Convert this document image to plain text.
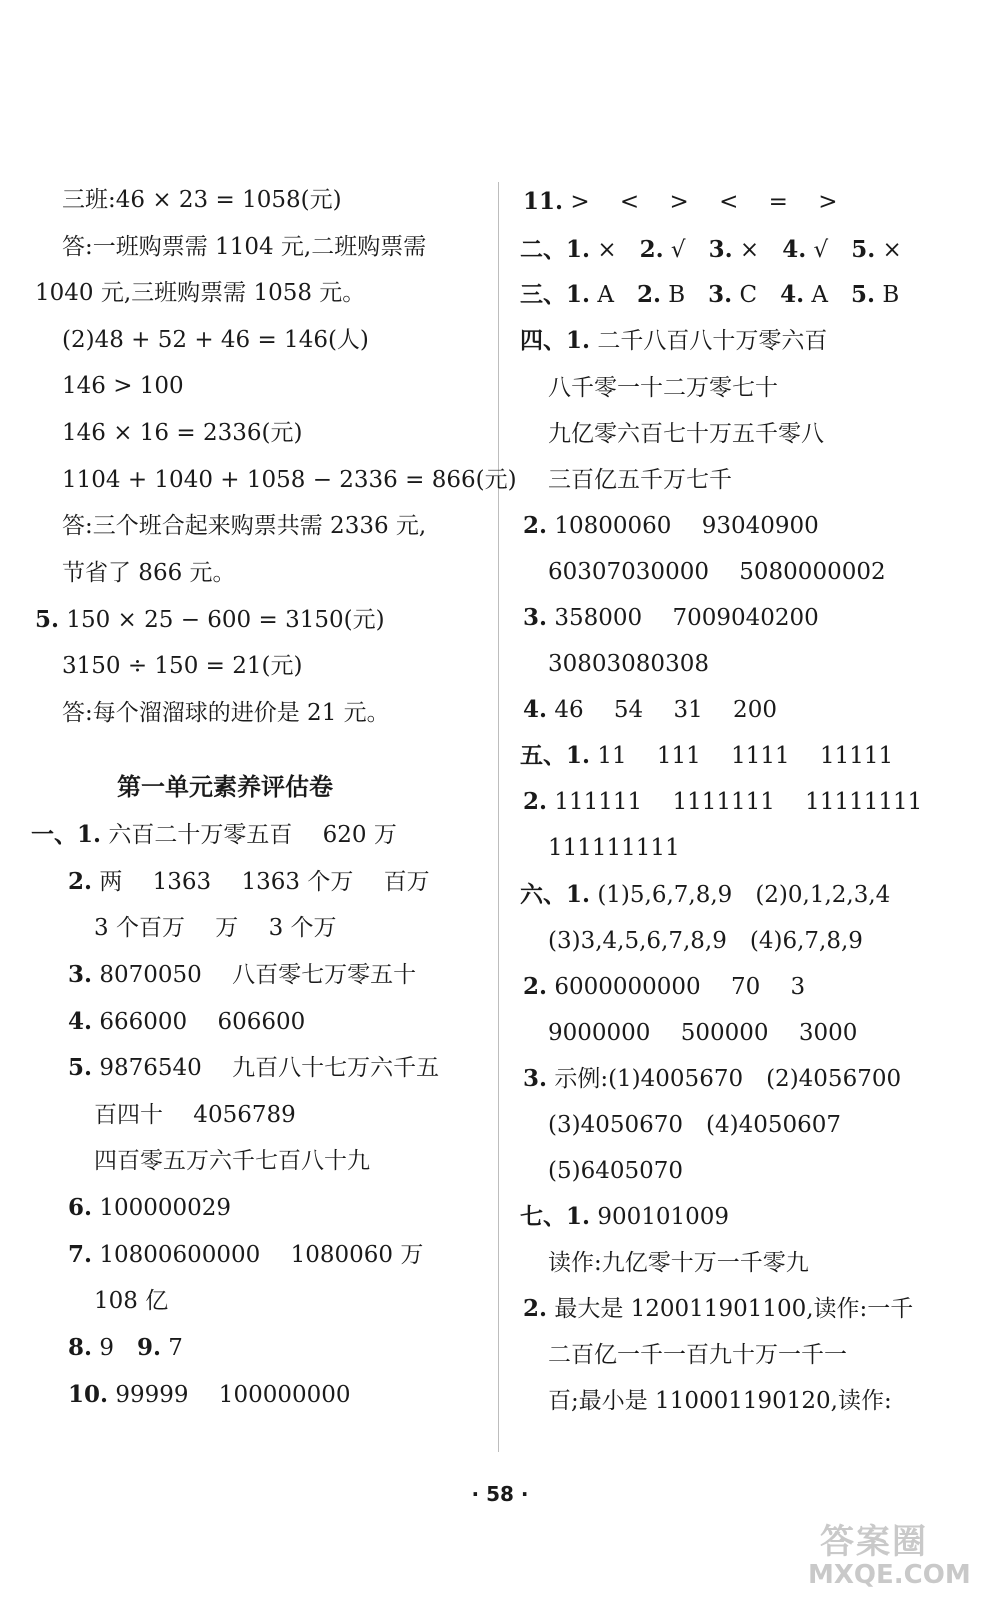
三班:46 × 23 = 1058(元)
答:一班购票需 1104 元,二班购票需
1040 元,三班购票需 1058 元。
(2)48 + 52 + 46 = 146(人)
146 > 100
146 × 16 = 2336(元)
1104 + 1040 + 1058 − 2336 = 866(元)
答:三个班合起来购票共需 2336 元,
节省了 866 元。
5. 150 × 25 − 600 = 3150(元)
3150 ÷ 150 = 21(元)
答:每个溜溜球的进价是 21 元。
第一单元素养评估卷
一、1. 六百二十万零五百　 620 万
2. 两　 1363　 1363 个万　 百万
3 个百万　 万　 3 个万
3. 8070050　 八百零七万零五十
4. 666000　 606600
5. 9876540　 九百八十七万六千五
百四十　 4056789
四百零五万六千七百八十九
6. 100000029
7. 10800600000　 1080060 万
108 亿
8. 9　9. 7
10. 99999　 100000000
11. >　 <　 >　 <　 =　 >
二、1. ×　2. √　3. ×　4. √　5. ×
三、1. A　2. B　3. C　4. A　5. B
四、1. 二千八百八十万零六百
八千零一十二万零七十
九亿零六百七十万五千零八
三百亿五千万七千
2. 10800060　 93040900
60307030000　 5080000002
3. 358000　 7009040200
30803080308
4. 46　 54　 31　 200
五、1. 11　 111　 1111　 11111
2. 111111　 1111111　 11111111
111111111
六、1. (1)5,6,7,8,9　(2)0,1,2,3,4
(3)3,4,5,6,7,8,9　(4)6,7,8,9
2. 6000000000　 70　 3
9000000　 500000　 3000
3. 示例:(1)4005670　(2)4056700
(3)4050670　(4)4050607
(5)6405070
七、1. 900101009
读作:九亿零十万一千零九
2. 最大是 120011901100,读作:一千
二百亿一千一百九十万一千一
百;最小是 110001190120,读作:
· 58 ·
答案圈
MXQE.COM
